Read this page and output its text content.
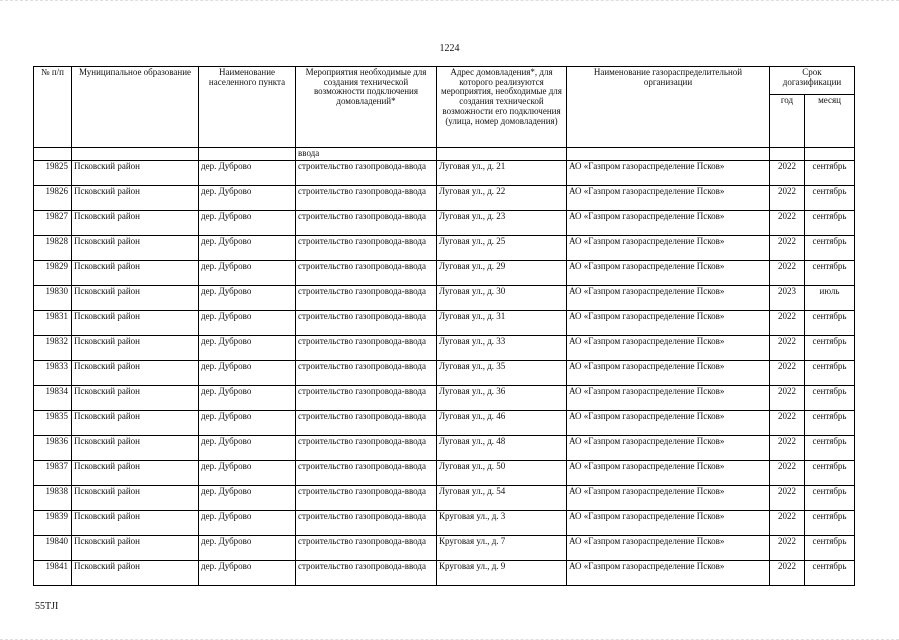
1224
№ п/п	Муниципальное образование	Наименование населенного пункта	Мероприятия необходимые для создания технической возможности подключения домовладений*	Адрес домовладения*, для которого реализуются мероприятия, необходимые для создания технической возможности его подключения (улица, номер домовладения)	Наименование газораспределительной организации	Срок догазификации	
						год	месяц
			ввода				
19825	Псковский район	дер. Дуброво	строительство газопровода-ввода	Луговая ул., д. 21	АО «Газпром газораспределение Псков»	2022	сентябрь
19826	Псковский район	дер. Дуброво	строительство газопровода-ввода	Луговая ул., д. 22	АО «Газпром газораспределение Псков»	2022	сентябрь
19827	Псковский район	дер. Дуброво	строительство газопровода-ввода	Луговая ул., д. 23	АО «Газпром газораспределение Псков»	2022	сентябрь
19828	Псковский район	дер. Дуброво	строительство газопровода-ввода	Луговая ул., д. 25	АО «Газпром газораспределение Псков»	2022	сентябрь
19829	Псковский район	дер. Дуброво	строительство газопровода-ввода	Луговая ул., д. 29	АО «Газпром газораспределение Псков»	2022	сентябрь
19830	Псковский район	дер. Дуброво	строительство газопровода-ввода	Луговая ул., д. 30	АО «Газпром газораспределение Псков»	2023	июль
19831	Псковский район	дер. Дуброво	строительство газопровода-ввода	Луговая ул., д. 31	АО «Газпром газораспределение Псков»	2022	сентябрь
19832	Псковский район	дер. Дуброво	строительство газопровода-ввода	Луговая ул., д. 33	АО «Газпром газораспределение Псков»	2022	сентябрь
19833	Псковский район	дер. Дуброво	строительство газопровода-ввода	Луговая ул., д. 35	АО «Газпром газораспределение Псков»	2022	сентябрь
19834	Псковский район	дер. Дуброво	строительство газопровода-ввода	Луговая ул., д. 36	АО «Газпром газораспределение Псков»	2022	сентябрь
19835	Псковский район	дер. Дуброво	строительство газопровода-ввода	Луговая ул., д. 46	АО «Газпром газораспределение Псков»	2022	сентябрь
19836	Псковский район	дер. Дуброво	строительство газопровода-ввода	Луговая ул., д. 48	АО «Газпром газораспределение Псков»	2022	сентябрь
19837	Псковский район	дер. Дуброво	строительство газопровода-ввода	Луговая ул., д. 50	АО «Газпром газораспределение Псков»	2022	сентябрь
19838	Псковский район	дер. Дуброво	строительство газопровода-ввода	Луговая ул., д. 54	АО «Газпром газораспределение Псков»	2022	сентябрь
19839	Псковский район	дер. Дуброво	строительство газопровода-ввода	Круговая ул., д. 3	АО «Газпром газораспределение Псков»	2022	сентябрь
19840	Псковский район	дер. Дуброво	строительство газопровода-ввода	Круговая ул., д. 7	АО «Газпром газораспределение Псков»	2022	сентябрь
19841	Псковский район	дер. Дуброво	строительство газопровода-ввода	Круговая ул., д. 9	АО «Газпром газораспределение Псков»	2022	сентябрь
55TJI
